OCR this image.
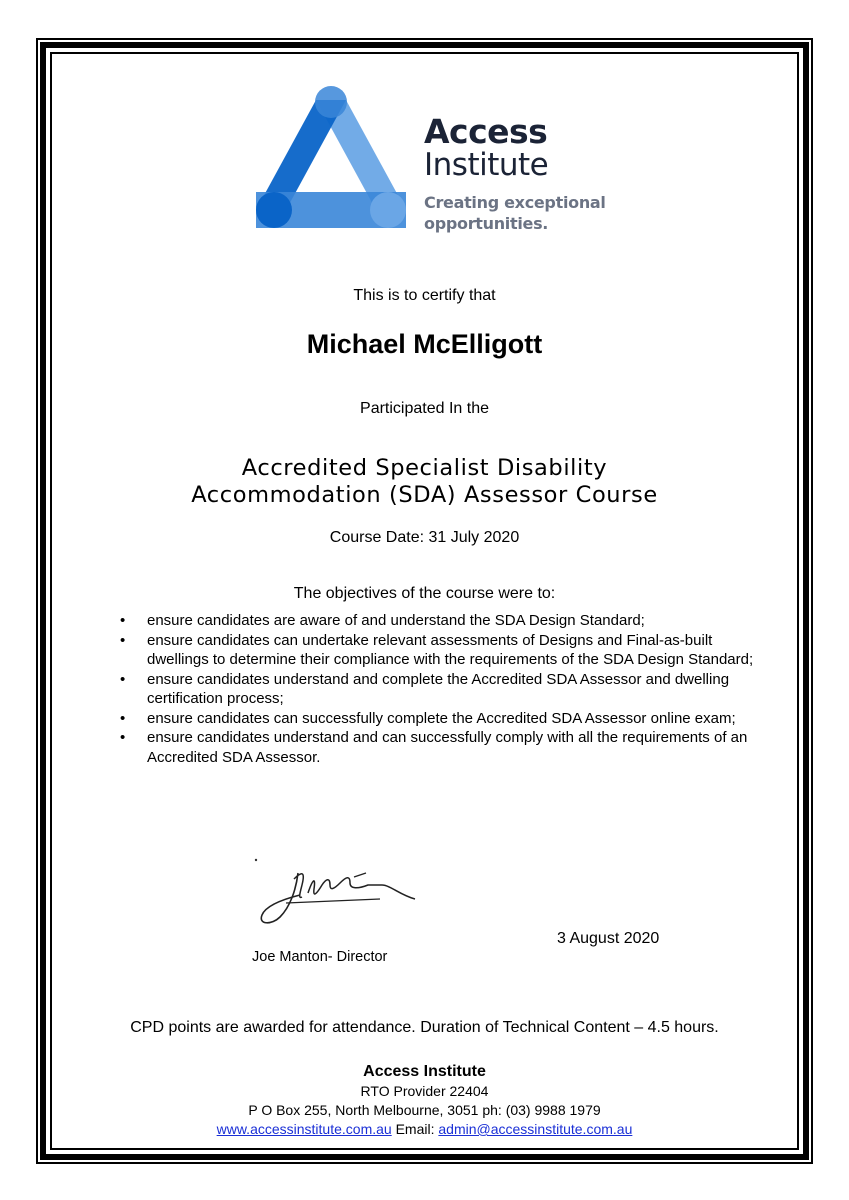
Access
Institute
Creating exceptional
opportunities.
This is to certify that
Michael McElligott
Participated In the
Accredited Specialist Disability
Accommodation (SDA) Assessor Course
Course Date: 31 July 2020
The objectives of the course were to:
• ensure candidates are aware of and understand the SDA Design Standard;
• ensure candidates can undertake relevant assessments of Designs and Final-as-built dwellings to determine their compliance with the requirements of the SDA Design Standard;
• ensure candidates understand and complete the Accredited SDA Assessor and dwelling certification process;
• ensure candidates can successfully complete the Accredited SDA Assessor online exam;
• ensure candidates understand and can successfully comply with all the requirements of an Accredited SDA Assessor.
Joe Manton- Director
3 August 2020
CPD points are awarded for attendance. Duration of Technical Content – 4.5 hours.
Access Institute
RTO Provider 22404
P O Box 255, North Melbourne, 3051 ph: (03) 9988 1979
www.accessinstitute.com.au Email: admin@accessinstitute.com.au
